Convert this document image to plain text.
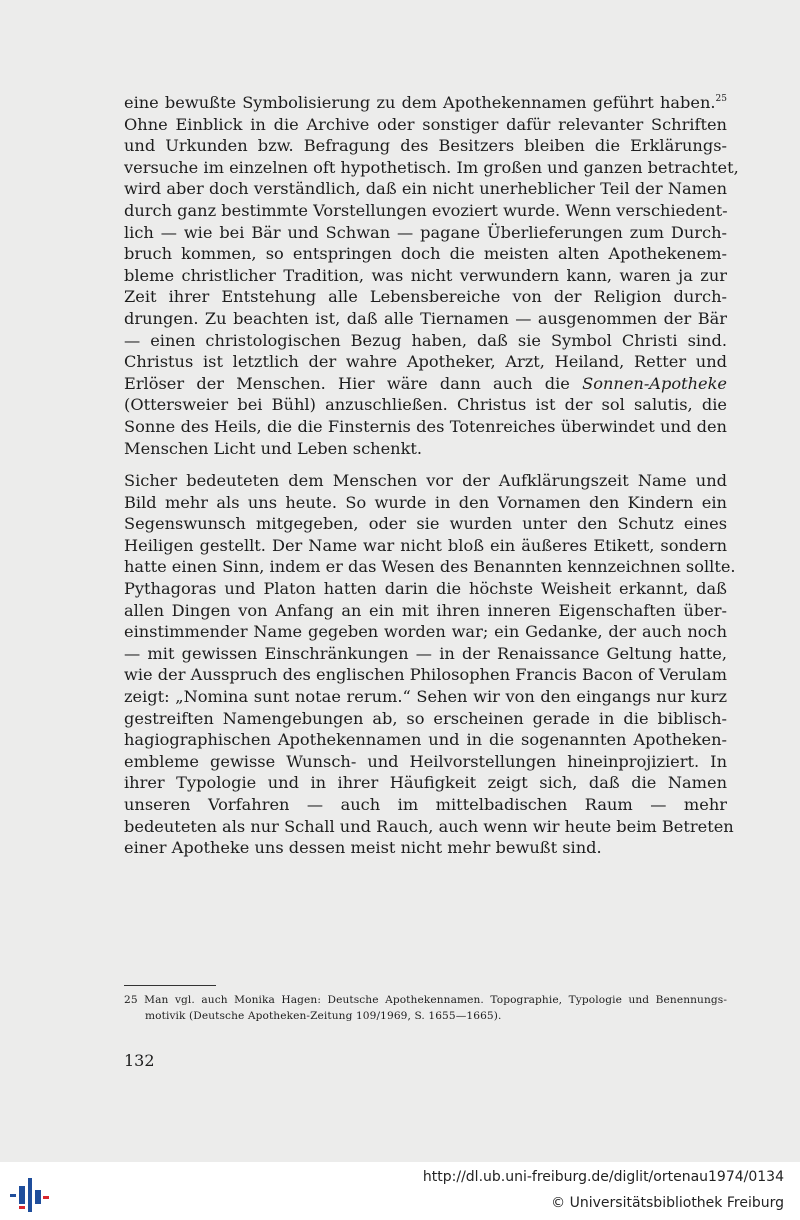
eine bewußte Symbolisierung zu dem Apothekennamen geführt haben.$^{25}$
Ohne Einblick in die Archive oder sonstiger dafür relevanter Schriften
und Urkunden bzw. Befragung des Besitzers bleiben die Erklärungs-
versuche im einzelnen oft hypothetisch. Im großen und ganzen betrachtet,
wird aber doch verständlich, daß ein nicht unerheblicher Teil der Namen
durch ganz bestimmte Vorstellungen evoziert wurde. Wenn verschiedent-
lich — wie bei Bär und Schwan — pagane Überlieferungen zum Durch-
bruch kommen, so entspringen doch die meisten alten Apothekenem-
bleme christlicher Tradition, was nicht verwundern kann, waren ja zur
Zeit ihrer Entstehung alle Lebensbereiche von der Religion durch-
drungen. Zu beachten ist, daß alle Tiernamen — ausgenommen der Bär
— einen christologischen Bezug haben, daß sie Symbol Christi sind.
Christus ist letztlich der wahre Apotheker, Arzt, Heiland, Retter und
Erlöser der Menschen. Hier wäre dann auch die Sonnen-Apotheke
(Ottersweier bei Bühl) anzuschließen. Christus ist der sol salutis, die
Sonne des Heils, die die Finsternis des Totenreiches überwindet und den
Menschen Licht und Leben schenkt.
Sicher bedeuteten dem Menschen vor der Aufklärungszeit Name und
Bild mehr als uns heute. So wurde in den Vornamen den Kindern ein
Segenswunsch mitgegeben, oder sie wurden unter den Schutz eines
Heiligen gestellt. Der Name war nicht bloß ein äußeres Etikett, sondern
hatte einen Sinn, indem er das Wesen des Benannten kennzeichnen sollte.
Pythagoras und Platon hatten darin die höchste Weisheit erkannt, daß
allen Dingen von Anfang an ein mit ihren inneren Eigenschaften über-
einstimmender Name gegeben worden war; ein Gedanke, der auch noch
— mit gewissen Einschränkungen — in der Renaissance Geltung hatte,
wie der Ausspruch des englischen Philosophen Francis Bacon of Verulam
zeigt: „Nomina sunt notae rerum.“ Sehen wir von den eingangs nur kurz
gestreiften Namengebungen ab, so erscheinen gerade in die biblisch-
hagiographischen Apothekennamen und in die sogenannten Apotheken-
embleme gewisse Wunsch- und Heilvorstellungen hineinprojiziert. In
ihrer Typologie und in ihrer Häufigkeit zeigt sich, daß die Namen
unseren Vorfahren — auch im mittelbadischen Raum — mehr
bedeuteten als nur Schall und Rauch, auch wenn wir heute beim Betreten
einer Apotheke uns dessen meist nicht mehr bewußt sind.
25 Man vgl. auch Monika Hagen: Deutsche Apothekennamen. Topographie, Typologie und Benennungs-
motivik (Deutsche Apotheken-Zeitung 109/1969, S. 1655—1665).
132
http://dl.ub.uni-freiburg.de/diglit/ortenau1974/0134
© Universitätsbibliothek Freiburg
